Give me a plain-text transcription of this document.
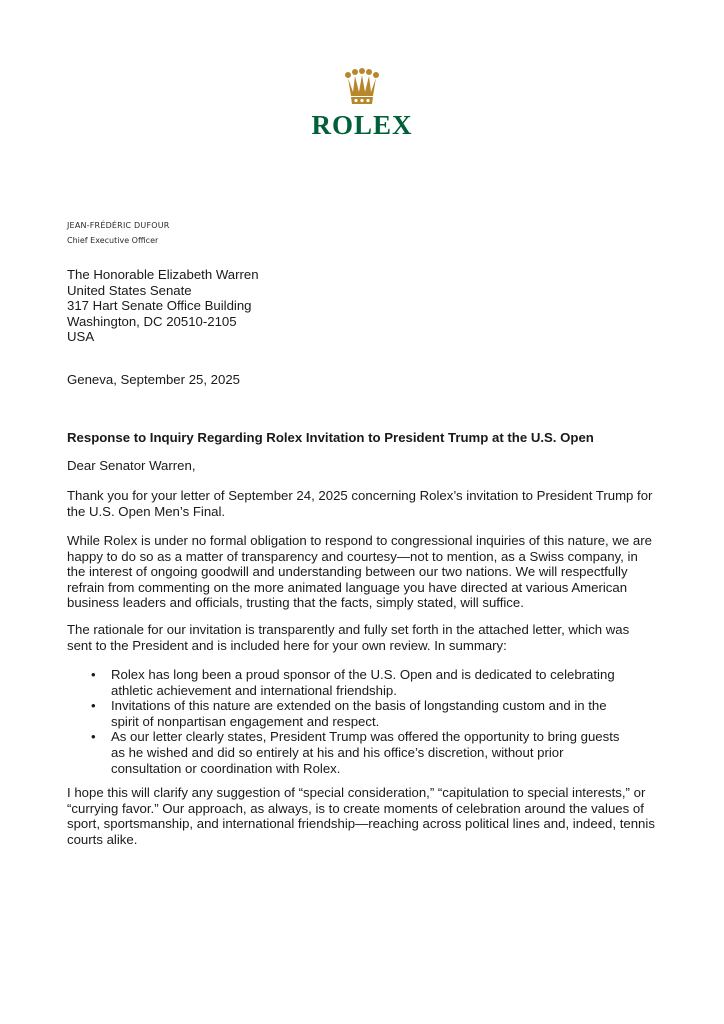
ROLEX
JEAN-FRÉDÉRIC DUFOUR
Chief Executive Officer
The Honorable Elizabeth Warren
United States Senate
317 Hart Senate Office Building
Washington, DC 20510-2105
USA
Geneva, September 25, 2025
Response to Inquiry Regarding Rolex Invitation to President Trump at the U.S. Open
Dear Senator Warren,
Thank you for your letter of September 24, 2025 concerning Rolex’s invitation to President Trump for the U.S. Open Men’s Final.
While Rolex is under no formal obligation to respond to congressional inquiries of this nature, we are happy to do so as a matter of transparency and courtesy—not to mention, as a Swiss company, in the interest of ongoing goodwill and understanding between our two nations. We will respectfully refrain from commenting on the more animated language you have directed at various American business leaders and officials, trusting that the facts, simply stated, will suffice.
The rationale for our invitation is transparently and fully set forth in the attached letter, which was sent to the President and is included here for your own review. In summary:
• Rolex has long been a proud sponsor of the U.S. Open and is dedicated to celebrating athletic achievement and international friendship.
• Invitations of this nature are extended on the basis of longstanding custom and in the spirit of nonpartisan engagement and respect.
• As our letter clearly states, President Trump was offered the opportunity to bring guests as he wished and did so entirely at his and his office’s discretion, without prior consultation or coordination with Rolex.
I hope this will clarify any suggestion of “special consideration,” “capitulation to special interests,” or “currying favor.” Our approach, as always, is to create moments of celebration around the values of sport, sportsmanship, and international friendship—reaching across political lines and, indeed, tennis courts alike.
